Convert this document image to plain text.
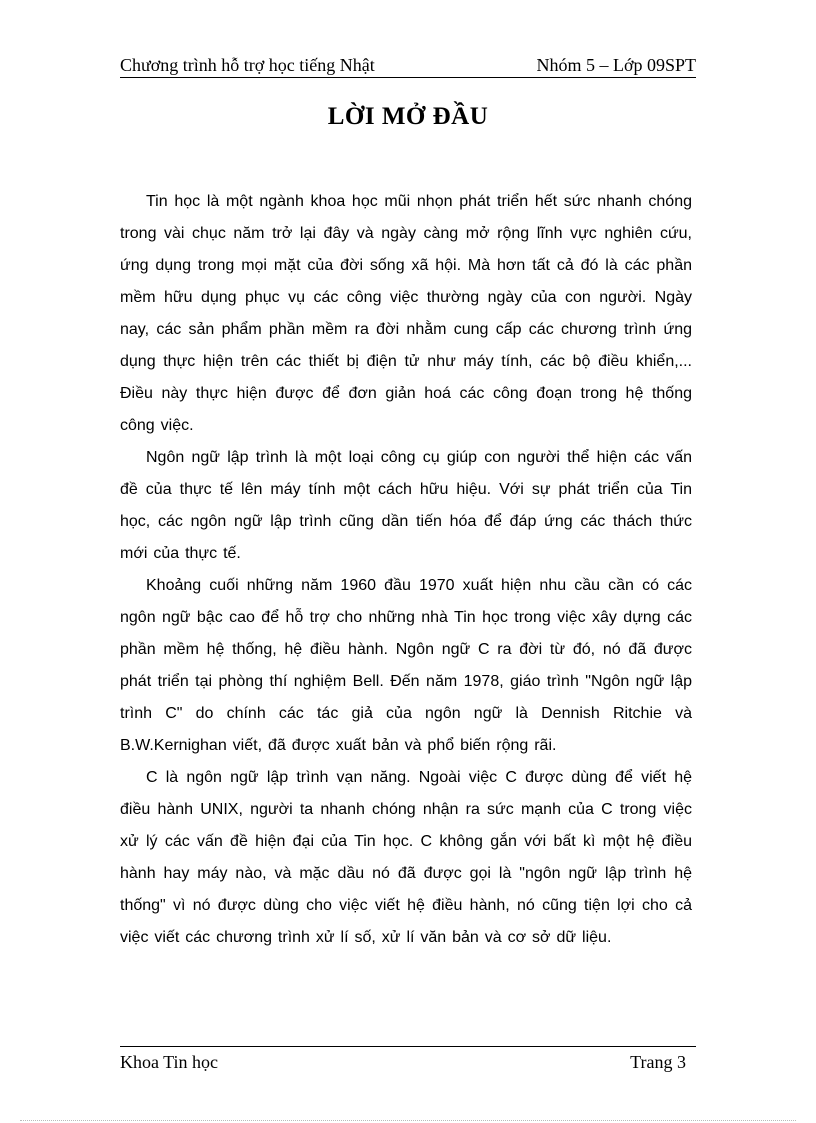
Chương trình hỗ trợ học tiếng Nhật	Nhóm 5 – Lớp 09SPT
LỜI MỞ ĐẦU

Tin học là một ngành khoa học mũi nhọn phát triển hết sức nhanh chóng trong vài chục năm trở lại đây và ngày càng mở rộng lĩnh vực nghiên cứu, ứng dụng trong mọi mặt của đời sống xã hội. Mà hơn tất cả đó là các phần mềm hữu dụng phục vụ các công việc thường ngày của con người. Ngày nay, các sản phẩm phần mềm ra đời nhằm cung cấp các chương trình ứng dụng thực hiện trên các thiết bị điện tử như máy tính, các bộ điều khiển,... Điều này thực hiện được để đơn giản hoá các công đoạn trong hệ thống công việc.

Ngôn ngữ lập trình là một loại công cụ giúp con người thể hiện các vấn đề của thực tế lên máy tính một cách hữu hiệu. Với sự phát triển của Tin học, các ngôn ngữ lập trình cũng dần tiến hóa để đáp ứng các thách thức mới của thực tế.

Khoảng cuối những năm 1960 đầu 1970 xuất hiện nhu cầu cần có các ngôn ngữ bậc cao để hỗ trợ cho những nhà Tin học trong việc xây dựng các phần mềm hệ thống, hệ điều hành. Ngôn ngữ C ra đời từ đó, nó đã được phát triển tại phòng thí nghiệm Bell. Đến năm 1978, giáo trình "Ngôn ngữ lập trình C" do chính các tác giả của ngôn ngữ là Dennish Ritchie và B.W.Kernighan viết, đã được xuất bản và phổ biến rộng rãi.

C là ngôn ngữ lập trình vạn năng. Ngoài việc C được dùng để viết hệ điều hành UNIX, người ta nhanh chóng nhận ra sức mạnh của C trong việc xử lý các vấn đề hiện đại của Tin học. C không gắn với bất kì một hệ điều hành hay máy nào, và mặc dầu nó đã được gọi là "ngôn ngữ lập trình hệ thống" vì nó được dùng cho việc viết hệ điều hành, nó cũng tiện lợi cho cả việc viết các chương trình xử lí số, xử lí văn bản và cơ sở dữ liệu.

Khoa Tin học	Trang 3
